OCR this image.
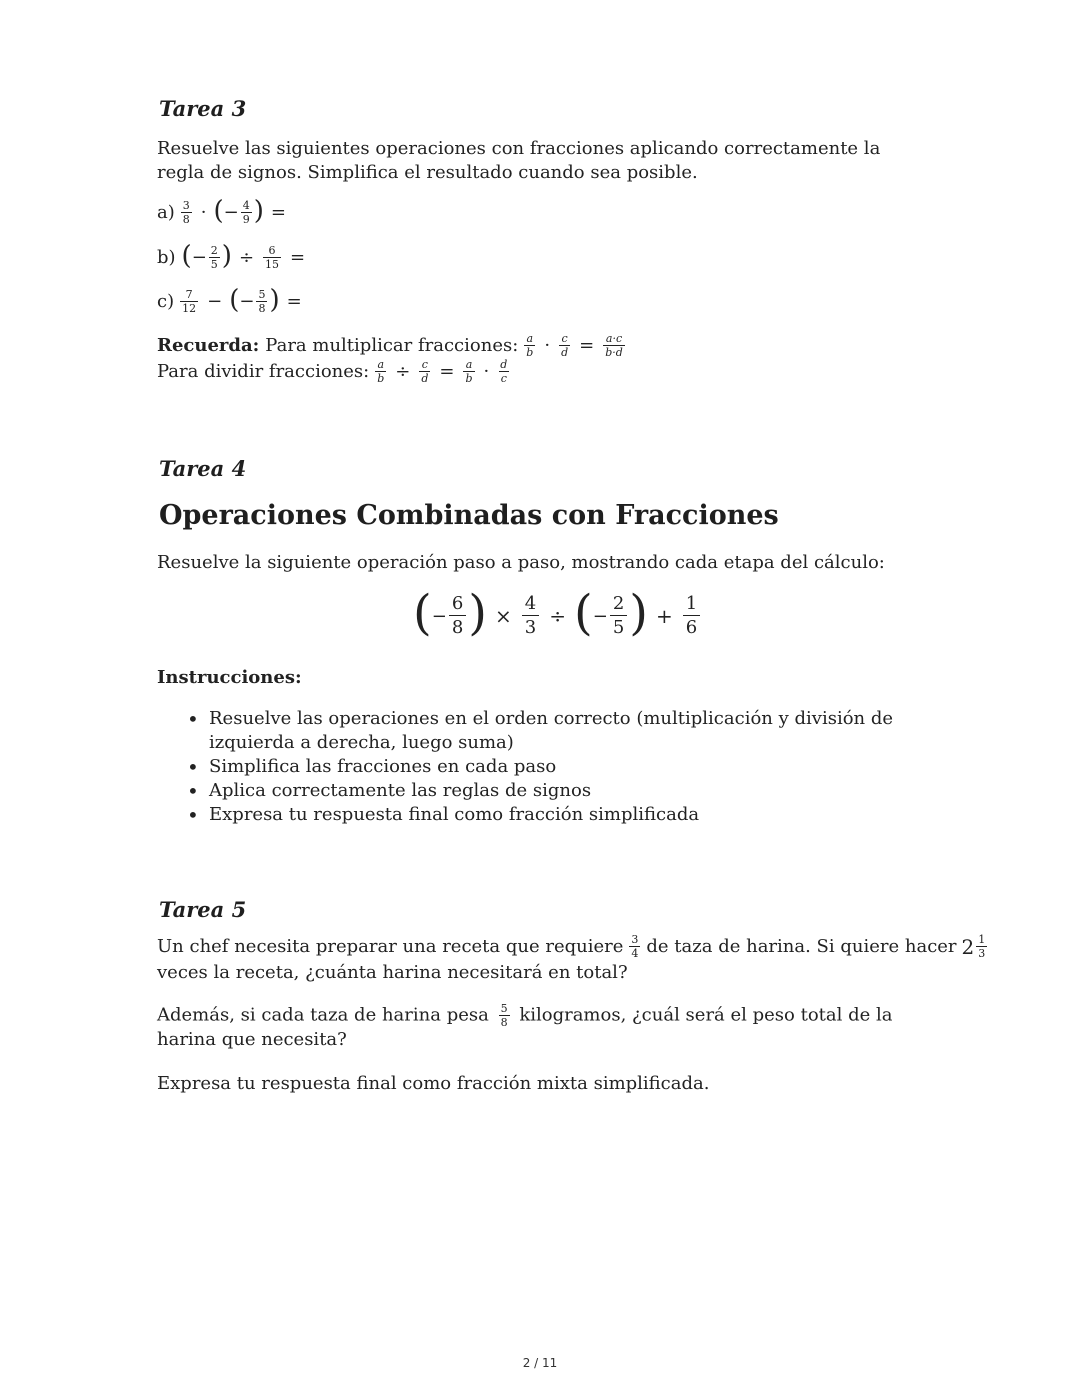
Tarea 3
Resuelve las siguientes operaciones con fracciones aplicando correctamente la regla de signos. Simplifica el resultado cuando sea posible.
$a) \frac{3}{8}$ · ( − $\frac{4}{9}$ ) =
b) ( − $\frac{2}{5}$ ) ÷ $\frac{6}{15}$ =
$c) \frac{7}{12}$ − ( − $\frac{5}{8}$ ) =
Recuerda: Para multiplicar fracciones: $\frac{a}{b} \cdot \frac{c}{d} = \frac{a\cdot c}{b\cdot d}$
Para dividir fracciones: $\frac{a}{b} \div \frac{c}{d} = \frac{a}{b} \cdot \frac{d}{c}$
Tarea 4
Operaciones Combinadas con Fracciones
Resuelve la siguiente operación paso a paso, mostrando cada etapa del cálculo:
( − $\frac{6}{8}$ ) × $\frac{4}{3}$ ÷ ( − $\frac{2}{5}$ ) + $\frac{1}{6}$
Instrucciones:
• Resuelve las operaciones en el orden correcto (multiplicación y división de izquierda a derecha, luego suma)
• Simplifica las fracciones en cada paso
• Aplica correctamente las reglas de signos
• Expresa tu respuesta final como fracción simplificada
Tarea 5
Un chef necesita preparar una receta que requiere $\frac{3}{4}$ de taza de harina. Si quiere hacer $2 \frac{1}{3}$
veces la receta, ¿cuánta harina necesitará en total?
Además, si cada taza de harina pesa $\frac{5}{8}$ kilogramos, ¿cuál será el peso total de la harina que necesita?
Expresa tu respuesta final como fracción mixta simplificada.
2 / 11
